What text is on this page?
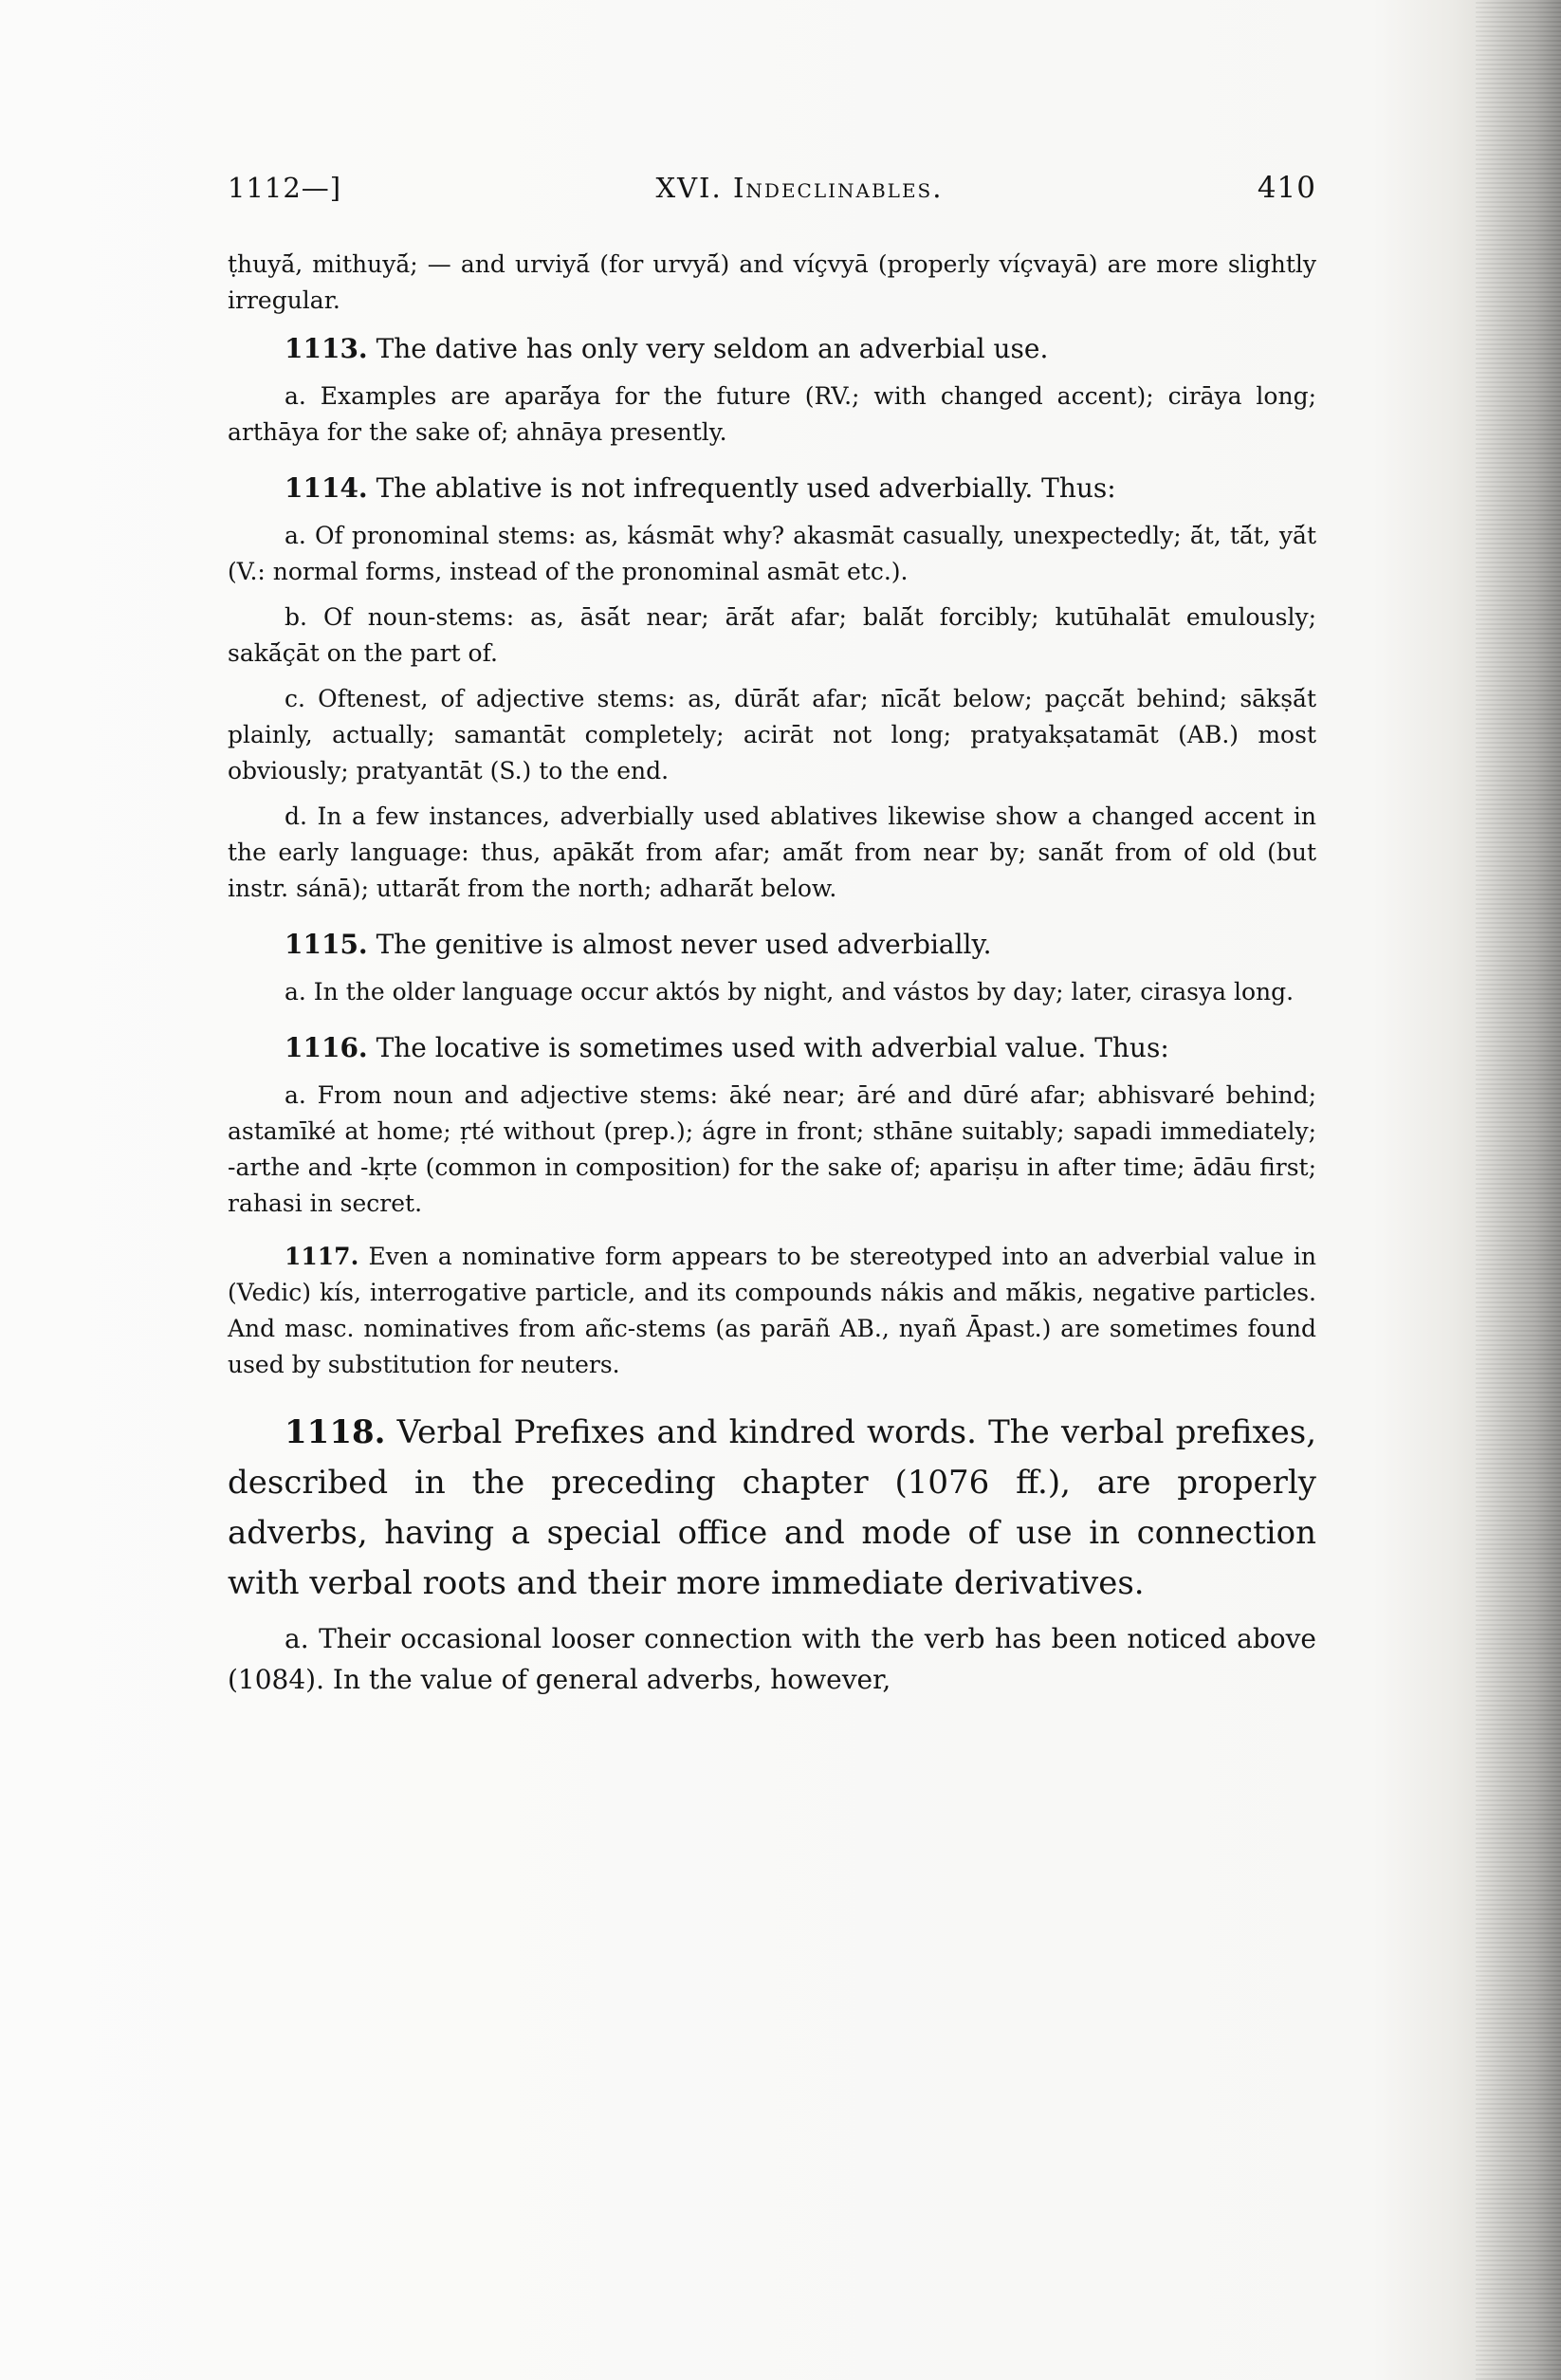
1112—]	XVI. Indeclinables.	410

ṭhuyā́, mithuyā́; — and urviyā́ (for urvyā́) and víçvyā (properly víçvayā) are more slightly irregular.

1113. The dative has only very seldom an adverbial use.

a. Examples are aparā́ya for the future (RV.; with changed accent); cirāya long; arthāya for the sake of; ahnāya presently.

1114. The ablative is not infrequently used adverbially. Thus:

a. Of pronominal stems: as, kásmāt why? akasmāt casually, unexpectedly; ā́t, tā́t, yā́t (V.: normal forms, instead of the pronominal asmāt etc.).

b. Of noun-stems: as, āsā́t near; ārā́t afar; balā́t forcibly; kutūhalāt emulously; sakā́çāt on the part of.

c. Oftenest, of adjective stems: as, dūrā́t afar; nīcā́t below; paçcā́t behind; sākṣā́t plainly, actually; samantāt completely; acirāt not long; pratyakṣatamāt (AB.) most obviously; pratyantāt (S.) to the end.

d. In a few instances, adverbially used ablatives likewise show a changed accent in the early language: thus, apākā́t from afar; amā́t from near by; sanā́t from of old (but instr. sánā); uttarā́t from the north; adharā́t below.

1115. The genitive is almost never used adverbially.

a. In the older language occur aktós by night, and vástos by day; later, cirasya long.

1116. The locative is sometimes used with adverbial value. Thus:

a. From noun and adjective stems: āké near; āré and dūré afar; abhisvaré behind; astamīké at home; ṛté without (prep.); ágre in front; sthāne suitably; sapadi immediately; -arthe and -kṛte (common in composition) for the sake of; apariṣu in after time; ādāu first; rahasi in secret.

1117. Even a nominative form appears to be stereotyped into an adverbial value in (Vedic) kís, interrogative particle, and its compounds nákis and mā́kis, negative particles. And masc. nominatives from añc-stems (as parāñ AB., nyañ Āpast.) are sometimes found used by substitution for neuters.

1118. Verbal Prefixes and kindred words. The verbal prefixes, described in the preceding chapter (1076 ff.), are properly adverbs, having a special office and mode of use in connection with verbal roots and their more immediate derivatives.

a. Their occasional looser connection with the verb has been noticed above (1084). In the value of general adverbs, however,
